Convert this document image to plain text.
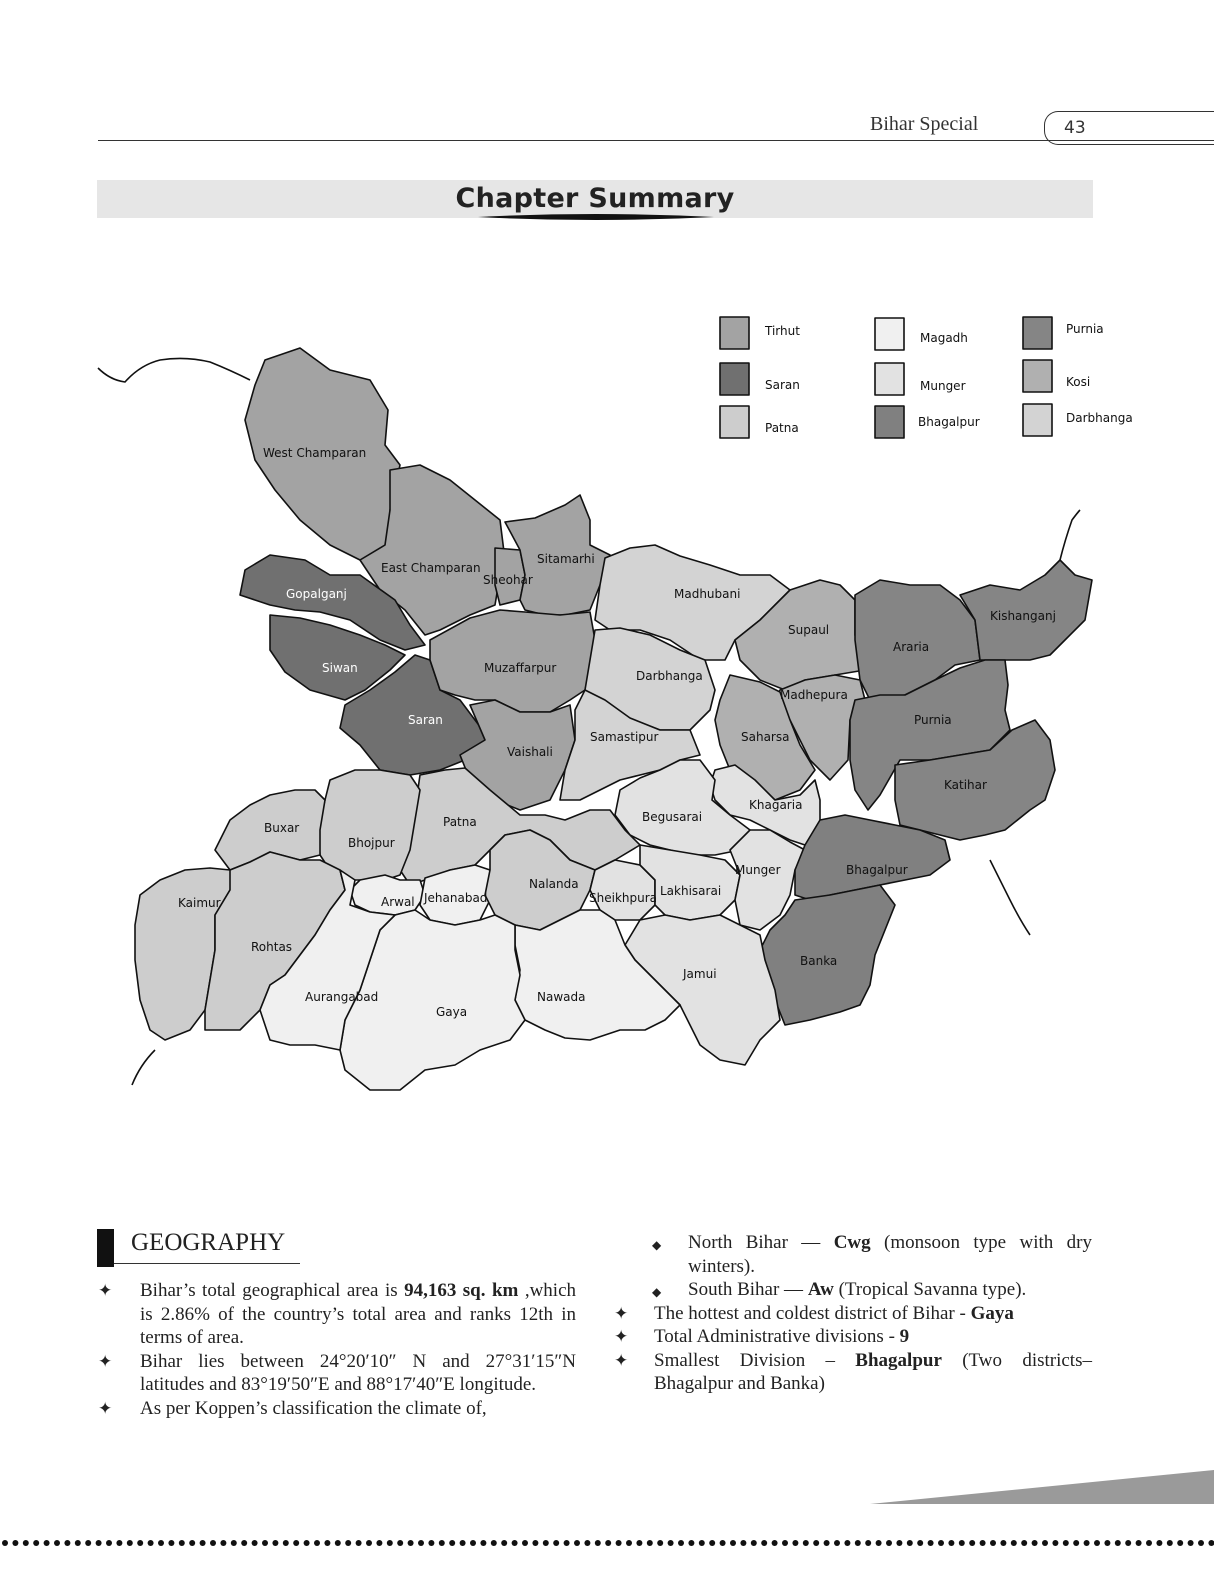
Bihar Special	43
Chapter Summary
Tirhut
Saran
Patna
Magadh
Munger
Bhagalpur
Purnia
Kosi
Darbhanga
West Champaran
East Champaran
Sheohar
Sitamarhi
Gopalganj
Siwan
Saran
Muzaffarpur
Vaishali
Madhubani
Darbhanga
Samastipur
Supaul
Araria
Kishanganj
Madhepura
Saharsa
Purnia
Katihar
Khagaria
Begusarai
Patna
Bhojpur
Buxar
Kaimur
Rohtas
Arwal Jehanabad
Nalanda
Sheikhpura Lakhisarai
Munger	Bhagalpur
Banka
Jamui
Nawada
Gaya
Aurangabad
GEOGRAPHY

✦ Bihar’s total geographical area is 94,163 sq. km ,which is 2.86% of the country’s total area and ranks 12th in terms of area.

✦ Bihar lies between 24°20′10″ N and 27°31′15″N latitudes and 83°19′50″E and 88°17′40″E longitude.

✦ As per Koppen’s classification the climate of,

◆ North Bihar — Cwg (monsoon type with dry winters).

◆ South Bihar — Aw (Tropical Savanna type).

✦ The hottest and coldest district of Bihar - Gaya

✦ Total Administrative divisions - 9

✦ Smallest Division – Bhagalpur (Two districts– Bhagalpur and Banka)
